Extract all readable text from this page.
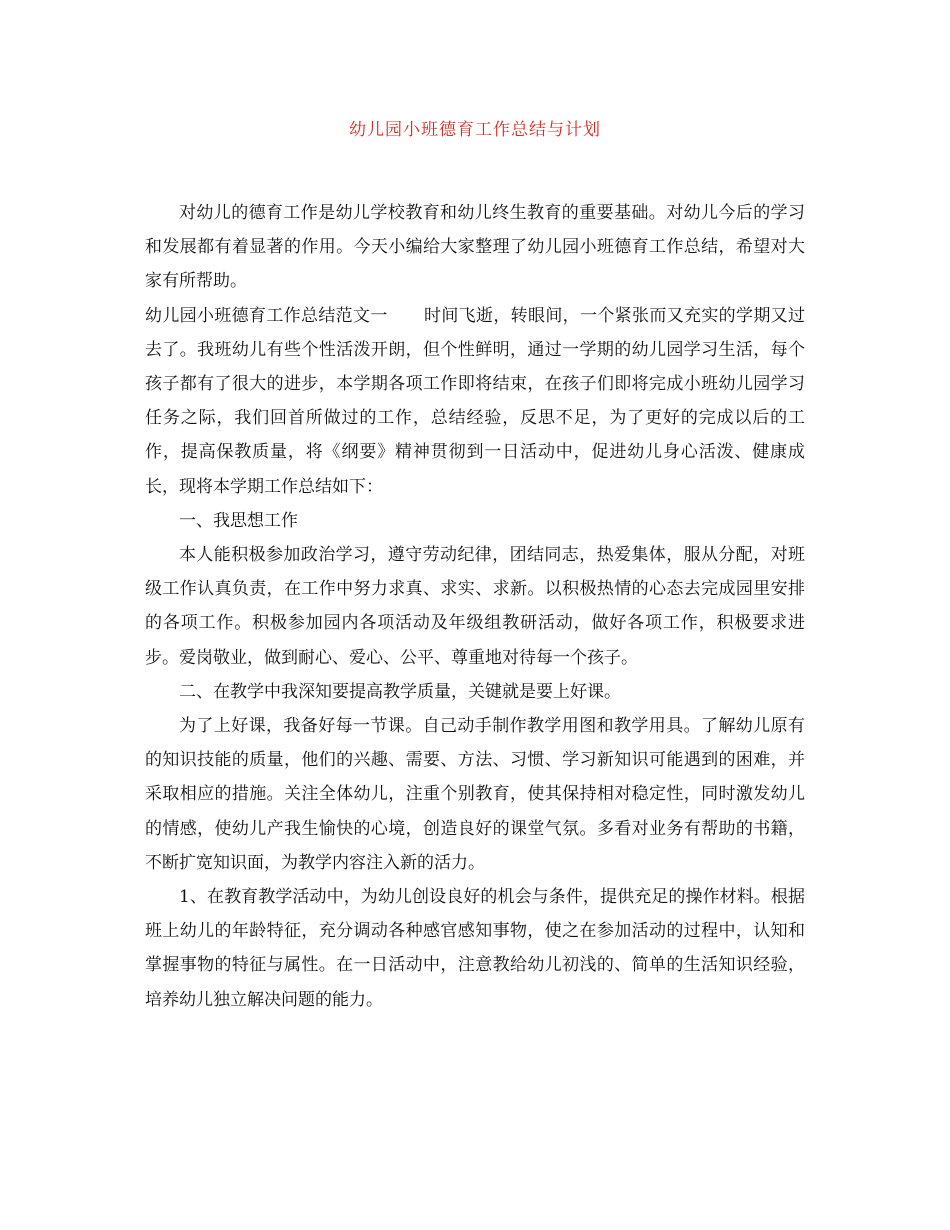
幼儿园小班德育工作总结与计划

对幼儿的德育工作是幼儿学校教育和幼儿终生教育的重要基础。对幼儿今后的学习和发展都有着显著的作用。今天小编给大家整理了幼儿园小班德育工作总结，希望对大家有所帮助。

幼儿园小班德育工作总结范文一 时间飞逝，转眼间，一个紧张而又充实的学期又过去了。我班幼儿有些个性活泼开朗，但个性鲜明，通过一学期的幼儿园学习生活，每个孩子都有了很大的进步，本学期各项工作即将结束，在孩子们即将完成小班幼儿园学习任务之际，我们回首所做过的工作，总结经验，反思不足，为了更好的完成以后的工作，提高保教质量，将《纲要》精神贯彻到一日活动中，促进幼儿身心活泼、健康成长，现将本学期工作总结如下：

一、我思想工作

本人能积极参加政治学习，遵守劳动纪律，团结同志，热爱集体，服从分配，对班级工作认真负责，在工作中努力求真、求实、求新。以积极热情的心态去完成园里安排的各项工作。积极参加园内各项活动及年级组教研活动，做好各项工作，积极要求进步。爱岗敬业，做到耐心、爱心、公平、尊重地对待每一个孩子。

二、在教学中我深知要提高教学质量，关键就是要上好课。

为了上好课，我备好每一节课。自己动手制作教学用图和教学用具。了解幼儿原有的知识技能的质量，他们的兴趣、需要、方法、习惯、学习新知识可能遇到的困难，并采取相应的措施。关注全体幼儿，注重个别教育，使其保持相对稳定性，同时激发幼儿的情感，使幼儿产我生愉快的心境，创造良好的课堂气氛。多看对业务有帮助的书籍，不断扩宽知识面，为教学内容注入新的活力。

1、在教育教学活动中，为幼儿创设良好的机会与条件，提供充足的操作材料。根据班上幼儿的年龄特征，充分调动各种感官感知事物，使之在参加活动的过程中，认知和掌握事物的特征与属性。在一日活动中，注意教给幼儿初浅的、简单的生活知识经验，培养幼儿独立解决问题的能力。
